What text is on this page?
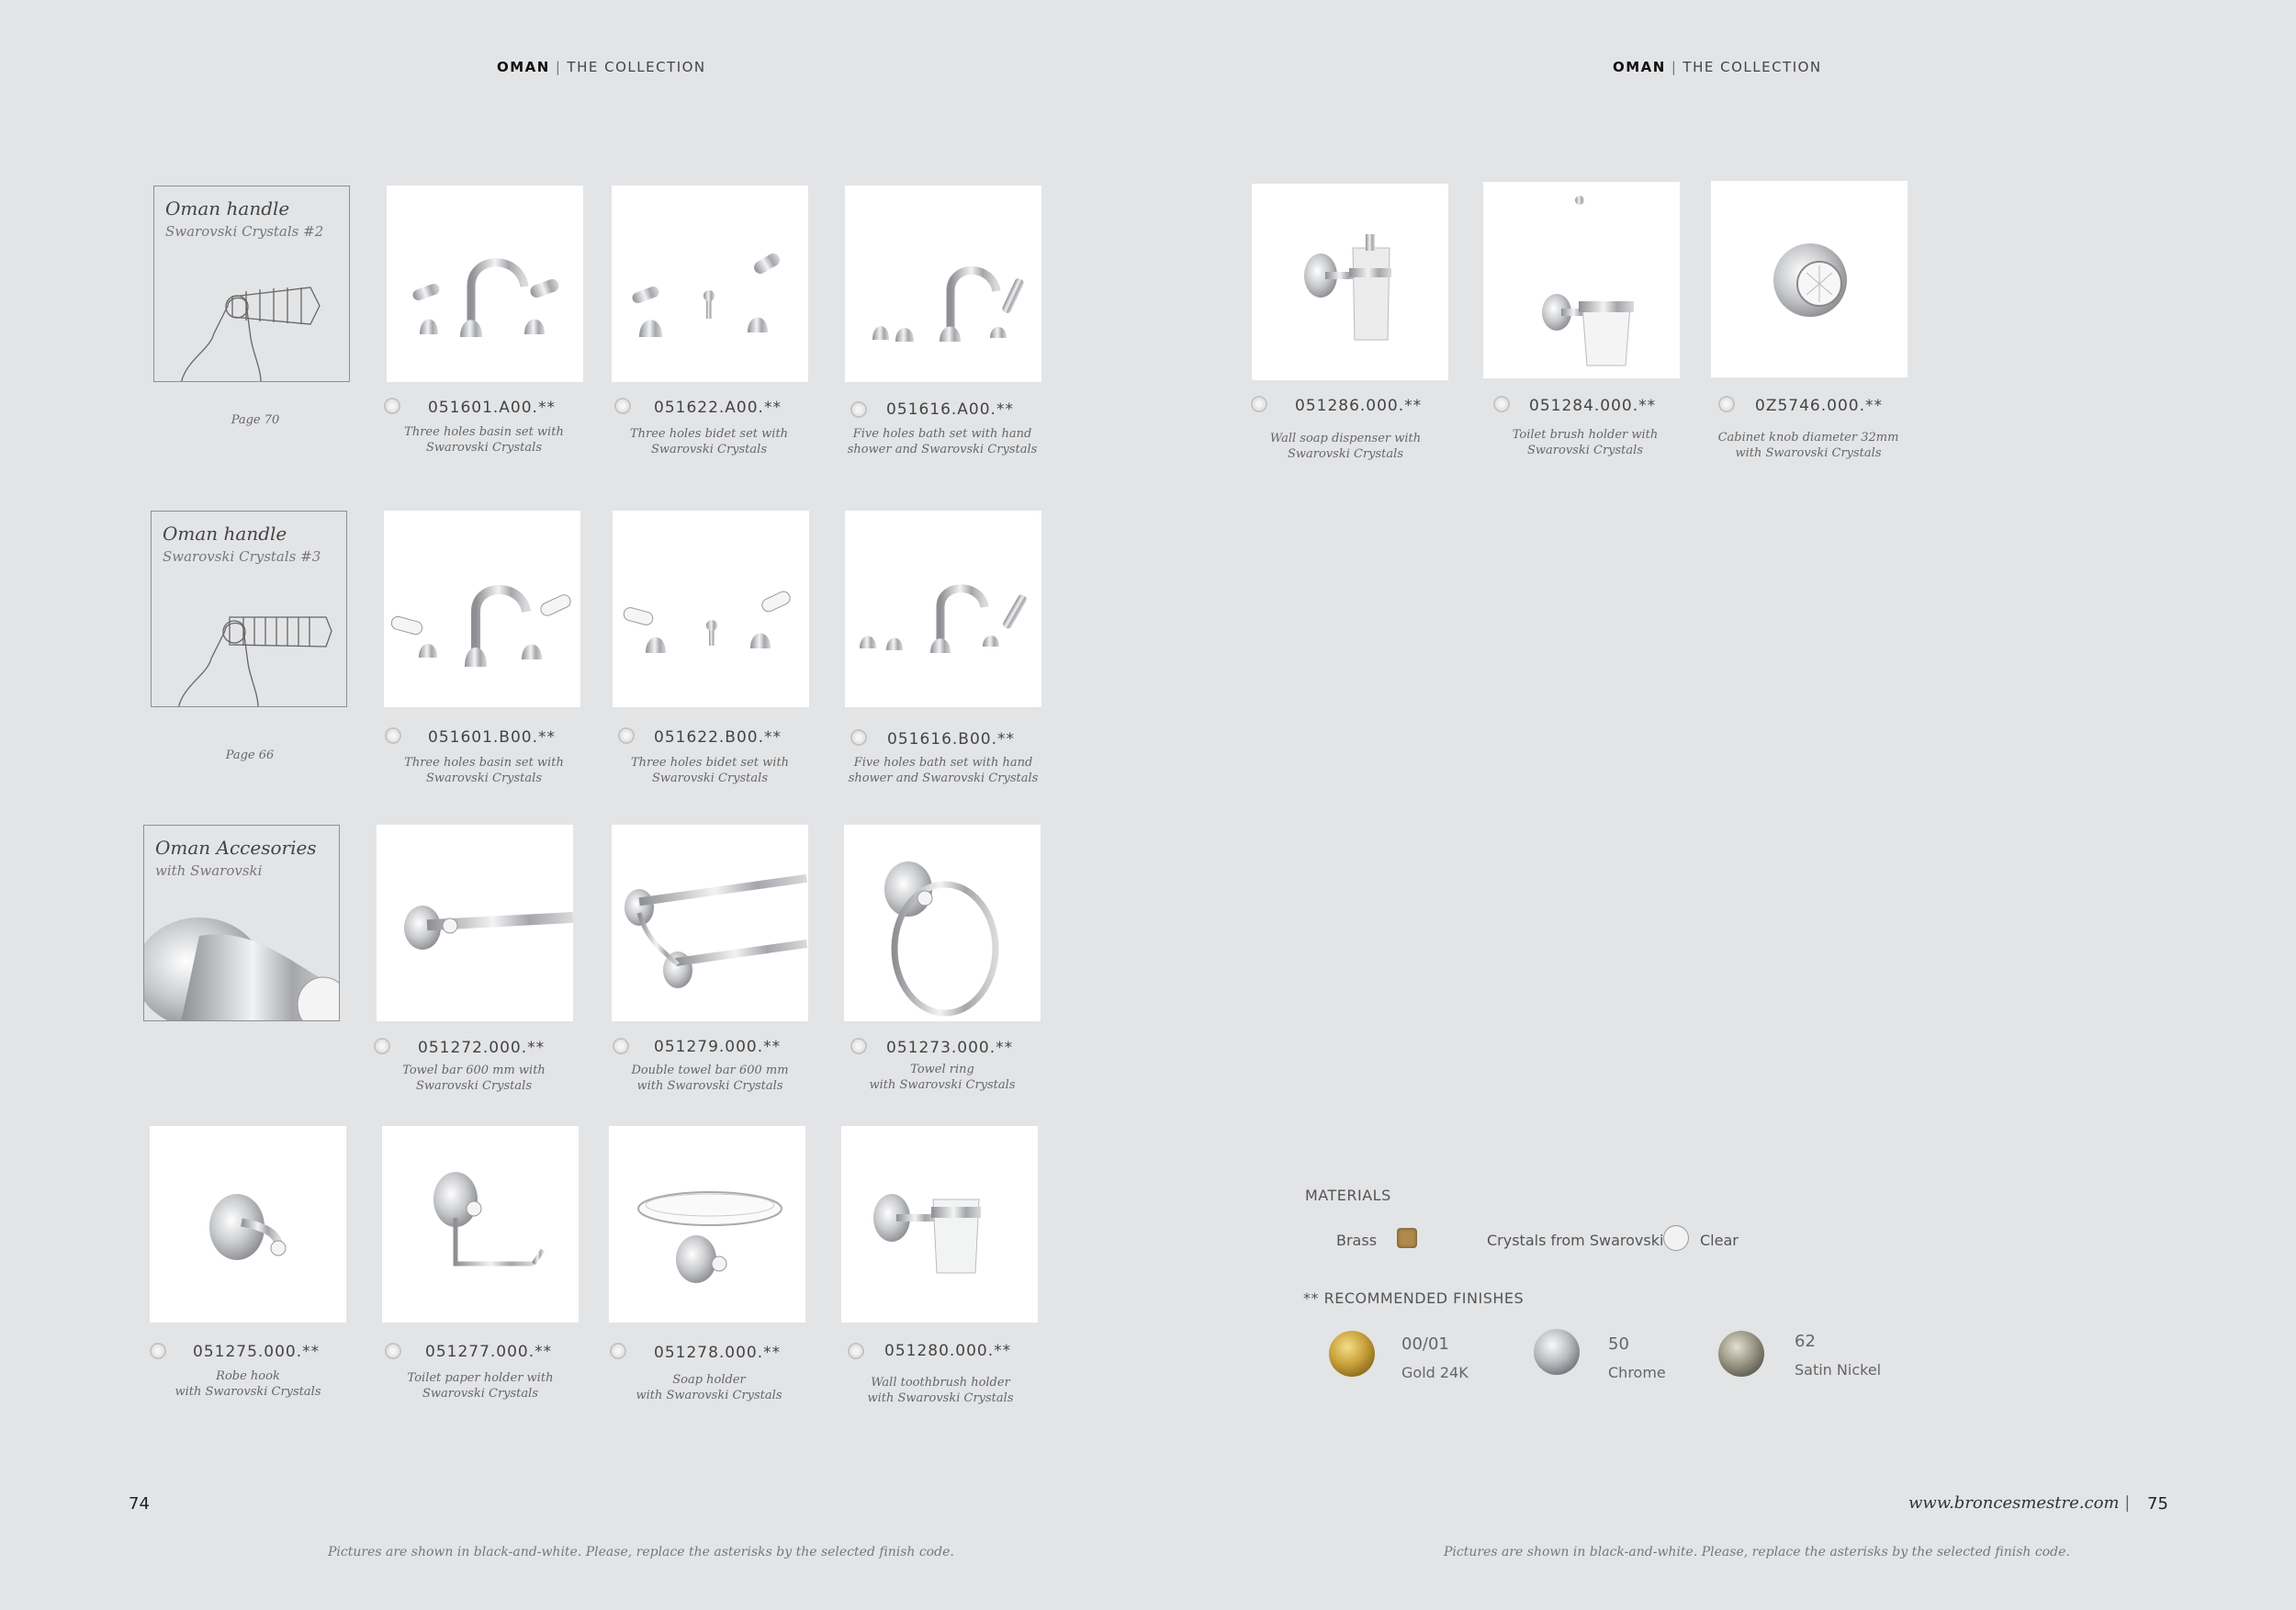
OMAN | THE COLLECTION
Oman handle
Swarovski Crystals #2
Page 70
Oman handle
Swarovski Crystals #3
Page 66
Oman Accesories
with Swarovski
051601.A00.**
Three holes basin set with
Swarovski Crystals
051622.A00.**
Three holes bidet set with
Swarovski Crystals
051616.A00.**
Five holes bath set with hand
shower and Swarovski Crystals
051601.B00.**
Three holes basin set with
Swarovski Crystals
051622.B00.**
Three holes bidet set with
Swarovski Crystals
051616.B00.**
Five holes bath set with hand
shower and Swarovski Crystals
051272.000.**
Towel bar 600 mm with
Swarovski Crystals
051279.000.**
Double towel bar 600 mm
with Swarovski Crystals
051273.000.**
Towel ring
with Swarovski Crystals
051275.000.**
Robe hook
with Swarovski Crystals
051277.000.**
Toilet paper holder with
Swarovski Crystals
051278.000.**
Soap holder
with Swarovski Crystals
051280.000.**
Wall toothbrush holder
with Swarovski Crystals
74
Pictures are shown in black-and-white. Please, replace the asterisks by the selected finish code.
OMAN | THE COLLECTION
051286.000.**
Wall soap dispenser with
Swarovski Crystals
051284.000.**
Toilet brush holder with
Swarovski Crystals
0Z5746.000.**
Cabinet knob diameter 32mm
with Swarovski Crystals
MATERIALS
Brass	Crystals from Swarovski Clear
** RECOMMENDED FINISHES
00/01
Gold 24K
50
Chrome
62
Satin Nickel
www.broncesmestre.com | 75
Pictures are shown in black-and-white. Please, replace the asterisks by the selected finish code.
